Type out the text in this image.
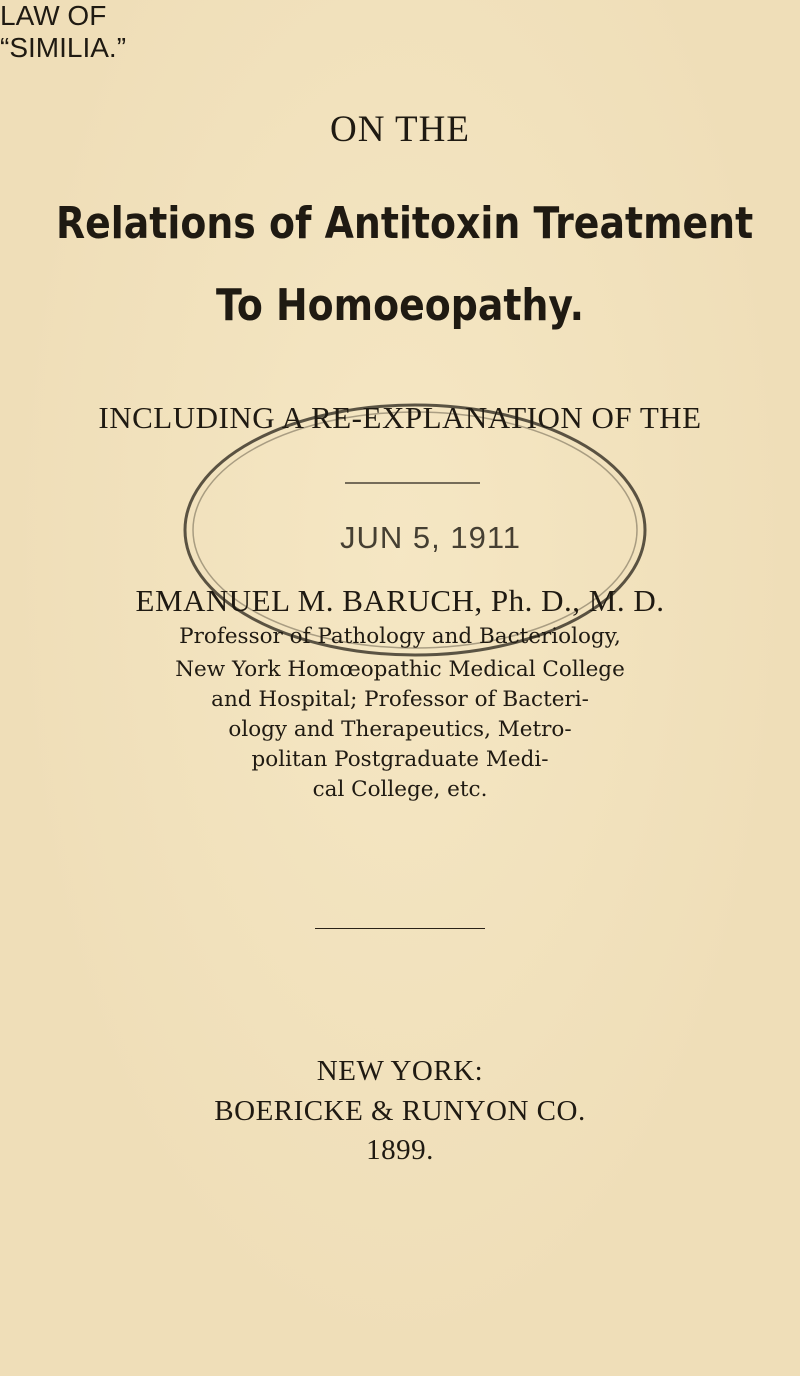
ON THE
Relations of Antitoxin Treatment
To Homoeopathy.
INCLUDING A RE-EXPLANATION OF THE
LAW OF “SIMILIA.”
EMANUEL M. BARUCH, Ph. D., M. D.
Professor of Pathology and Bacteriology,
New York Homœopathic Medical College
and Hospital; Professor of Bacteri-
ology and Therapeutics, Metro-
politan Postgraduate Medi-
cal College, etc.
JUN 5, 1911
NEW YORK:
BOERICKE & RUNYON CO.
1899.
